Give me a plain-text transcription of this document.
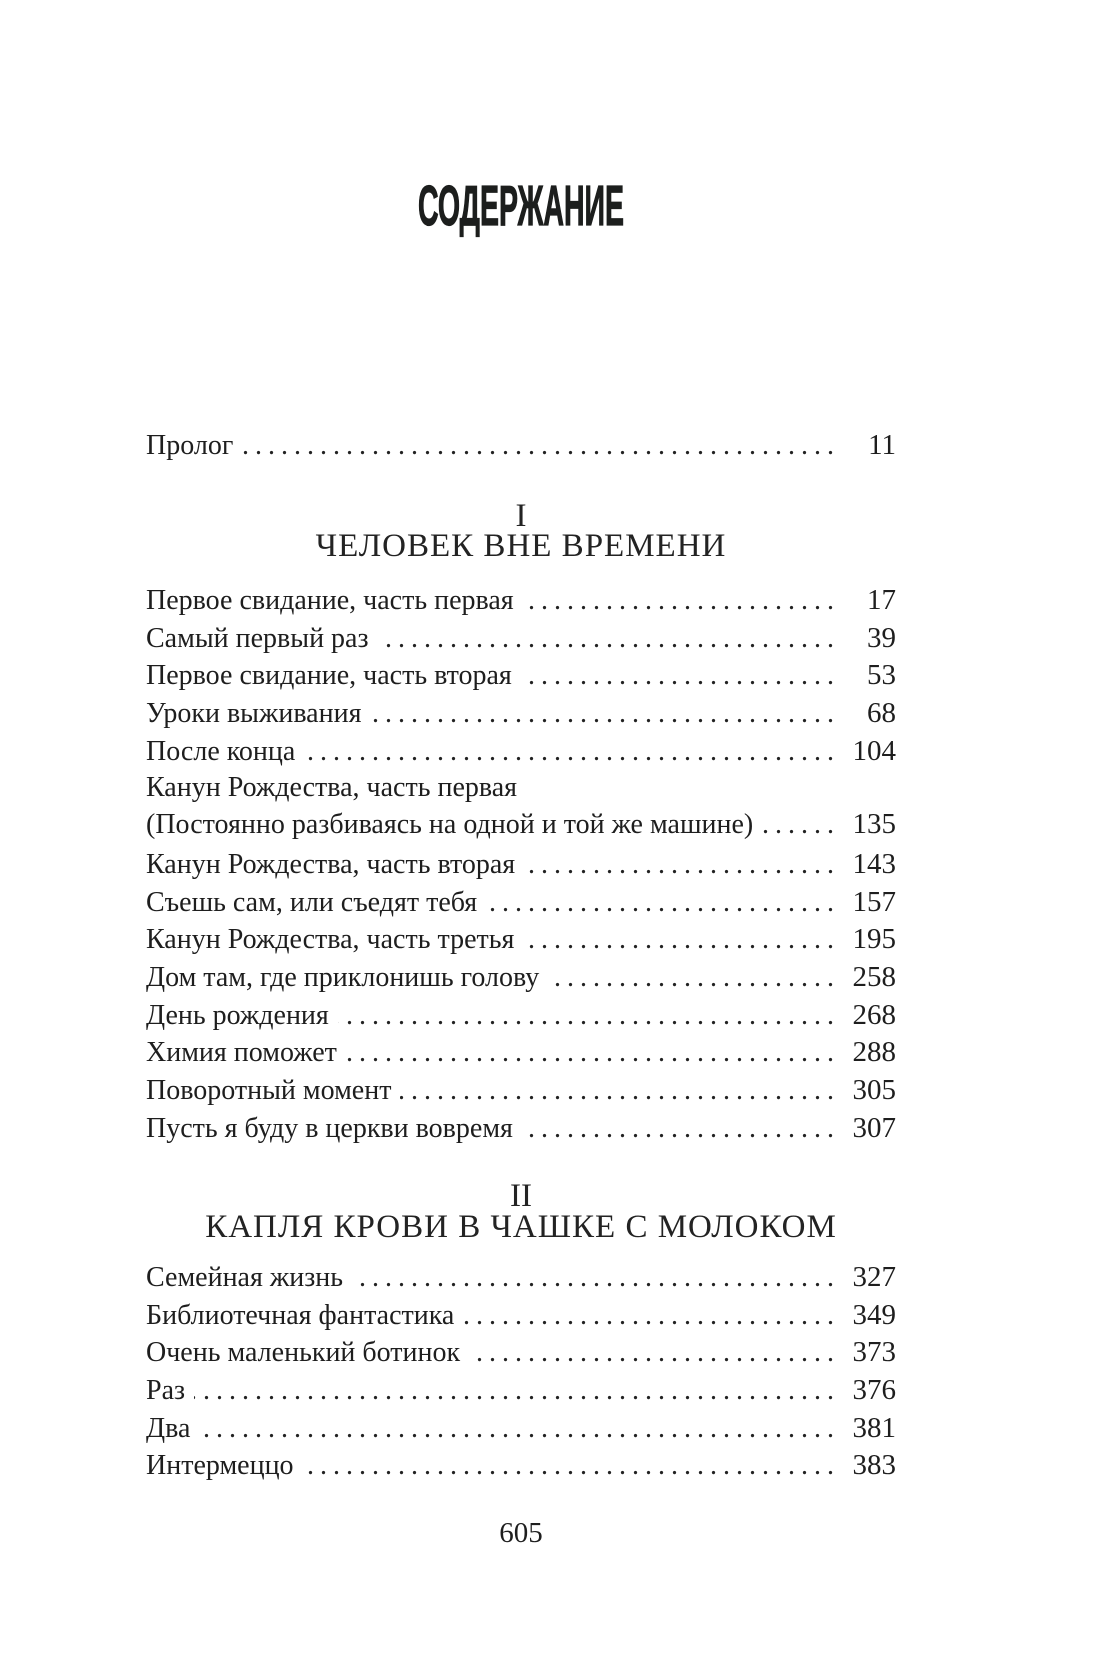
СОДЕРЖАНИЕ
Пролог . . .	11
I
ЧЕЛОВЕК ВНЕ ВРЕМЕНИ
Первое свидание, часть первая . . .	17
Самый первый раз . . .	39
Первое свидание, часть вторая . . .	53
Уроки выживания . . .	68
После конца . . .	104
Канун Рождества, часть первая
(Постоянно разбиваясь на одной и той же машине) . . .	135
Канун Рождества, часть вторая . . .	143
Съешь сам, или съедят тебя . . .	157
Канун Рождества, часть третья . . .	195
Дом там, где приклонишь голову . . .	258
День рождения . . .	268
Химия поможет . . .	288
Поворотный момент . . .	305
Пусть я буду в церкви вовремя . . .	307
II
КАПЛЯ КРОВИ В ЧАШКЕ С МОЛОКОМ
Семейная жизнь . . .	327
Библиотечная фантастика . . .	349
Очень маленький ботинок . . .	373
Раз . . .	376
Два . . .	381
Интермеццо . . .	383
605
